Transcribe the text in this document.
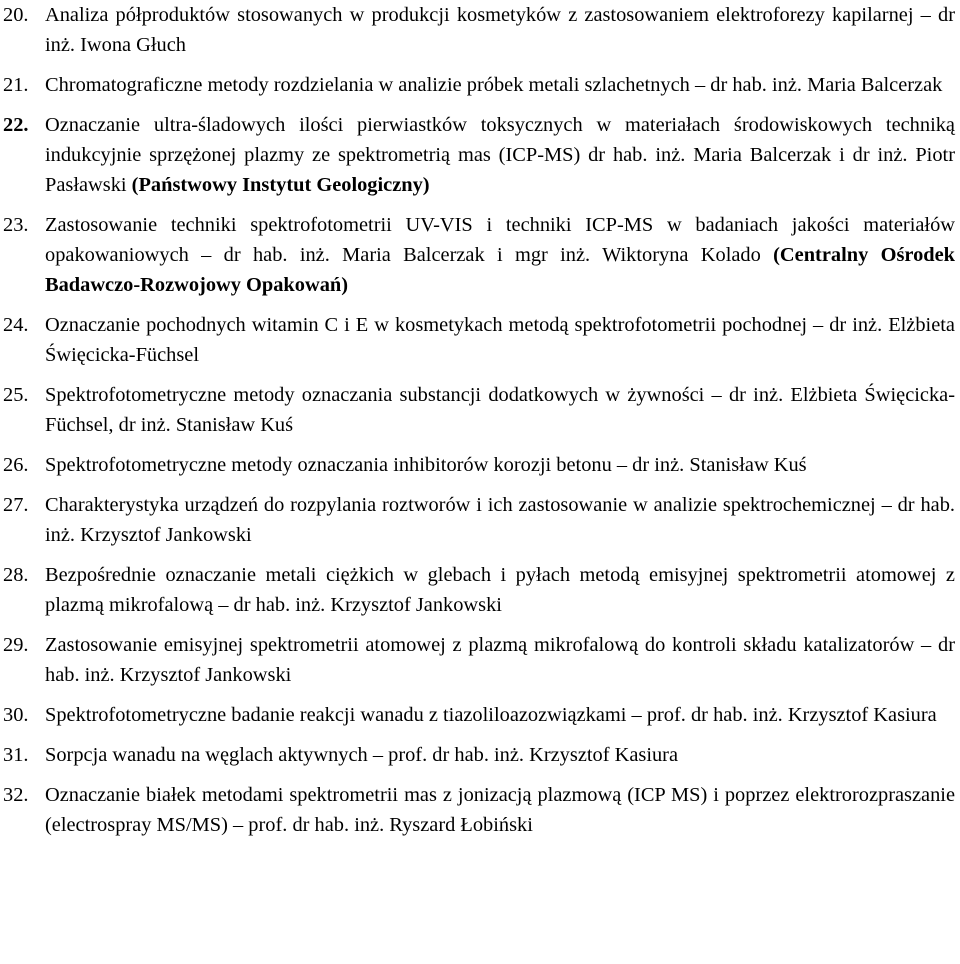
20. Analiza półproduktów stosowanych w produkcji kosmetyków z zastosowaniem elektroforezy kapilarnej – dr inż. Iwona Głuch
21. Chromatograficzne metody rozdzielania w analizie próbek metali szlachetnych – dr hab. inż. Maria Balcerzak
22. Oznaczanie ultra-śladowych ilości pierwiastków toksycznych w materiałach środowiskowych techniką indukcyjnie sprzężonej plazmy ze spektrometrią mas (ICP-MS) dr hab. inż. Maria Balcerzak i dr inż. Piotr Pasławski (Państwowy Instytut Geologiczny)
23. Zastosowanie techniki spektrofotometrii UV-VIS i techniki ICP-MS w badaniach jakości materiałów opakowaniowych – dr hab. inż. Maria Balcerzak i mgr inż. Wiktoryna Kolado (Centralny Ośrodek Badawczo-Rozwojowy Opakowań)
24. Oznaczanie pochodnych witamin C i E w kosmetykach metodą spektrofotometrii pochodnej – dr inż. Elżbieta Święcicka-Füchsel
25. Spektrofotometryczne metody oznaczania substancji dodatkowych w żywności – dr inż. Elżbieta Święcicka-Füchsel, dr inż. Stanisław Kuś
26. Spektrofotometryczne metody oznaczania inhibitorów korozji betonu – dr inż. Stanisław Kuś
27. Charakterystyka urządzeń do rozpylania roztworów i ich zastosowanie w analizie spektrochemicznej – dr hab. inż. Krzysztof Jankowski
28. Bezpośrednie oznaczanie metali ciężkich w glebach i pyłach metodą emisyjnej spektrometrii atomowej z plazmą mikrofalową – dr hab. inż. Krzysztof Jankowski
29. Zastosowanie emisyjnej spektrometrii atomowej z plazmą mikrofalową do kontroli składu katalizatorów – dr hab. inż. Krzysztof Jankowski
30. Spektrofotometryczne badanie reakcji wanadu z tiazoliloazozwiązkami – prof. dr hab. inż. Krzysztof Kasiura
31. Sorpcja wanadu na węglach aktywnych – prof. dr hab. inż. Krzysztof Kasiura
32. Oznaczanie białek metodami spektrometrii mas z jonizacją plazmową (ICP MS) i poprzez elektrorozpraszanie (electrospray MS/MS) – prof. dr hab. inż. Ryszard Łobiński
